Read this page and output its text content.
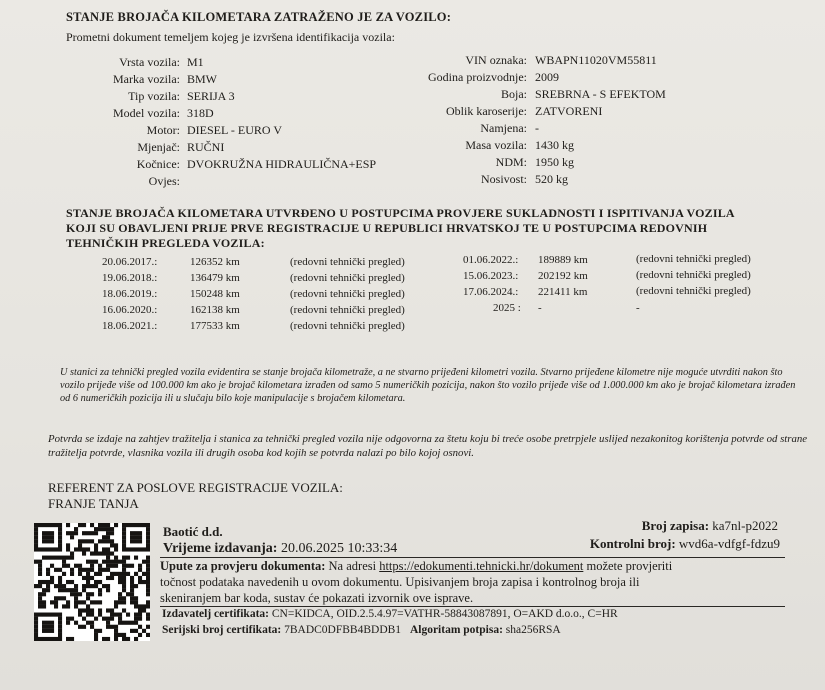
STANJE BROJAČA KILOMETARA ZATRAŽENO JE ZA VOZILO:
Prometni dokument temeljem kojeg je izvršena identifikacija vozila:
Vrsta vozila: M1
Marka vozila: BMW
Tip vozila: SERIJA 3
Model vozila: 318D
Motor: DIESEL - EURO V
Mjenjač: RUČNI
Kočnice: DVOKRUŽNA HIDRAULIČNA+ESP
Ovjes:
VIN oznaka: WBAPN11020VM55811
Godina proizvodnje: 2009
Boja: SREBRNA - S EFEKTOM
Oblik karoserije: ZATVORENI
Namjena: -
Masa vozila: 1430 kg
NDM: 1950 kg
Nosivost: 520 kg
STANJE BROJAČA KILOMETARA UTVRĐENO U POSTUPCIMA PROVJERE SUKLADNOSTI I ISPITIVANJA VOZILA
KOJI SU OBAVLJENI PRIJE PRVE REGISTRACIJE U REPUBLICI HRVATSKOJ TE U POSTUPCIMA REDOVNIH
TEHNIČKIH PREGLEDA VOZILA:
20.06.2017.:	126352 km	(redovni tehnički pregled)
19.06.2018.:	136479 km	(redovni tehnički pregled)
18.06.2019.:	150248 km	(redovni tehnički pregled)
16.06.2020.:	162138 km	(redovni tehnički pregled)
18.06.2021.:	177533 km	(redovni tehnički pregled)
01.06.2022.: 189889 km	(redovni tehnički pregled)
15.06.2023.: 202192 km	(redovni tehnički pregled)
17.06.2024.: 221411 km	(redovni tehnički pregled)
2025 : -	-
U stanici za tehnički pregled vozila evidentira se stanje brojača kilometraže, a ne stvarno prijeđeni kilometri vozila. Stvarno prijeđene kilometre nije moguće utvrditi nakon što vozilo prijeđe više od 100.000 km ako je brojač kilometara izrađen od samo 5 numeričkih pozicija, nakon što vozilo prijeđe više od 1.000.000 km ako je brojač kilometara izrađen od 6 numeričkih pozicija ili u slučaju bilo koje manipulacije s brojačem kilometara.
Potvrda se izdaje na zahtjev tražitelja i stanica za tehnički pregled vozila nije odgovorna za štetu koju bi treće osobe pretrpjele uslijed nezakonitog korištenja potvrde od strane tražitelja potvrde, vlasnika vozila ili drugih osoba kod kojih se potvrda nalazi po bilo kojoj osnovi.
REFERENT ZA POSLOVE REGISTRACIJE VOZILA:
FRANJE TANJA
Baotić d.d.	Broj zapisa: ka7nl-p2022
Vrijeme izdavanja: 20.06.2025 10:33:34	Kontrolni broj: wvd6a-vdfgf-fdzu9
Upute za provjeru dokumenta: Na adresi https://edokumenti.tehnicki.hr/dokument možete provjeriti
točnost podataka navedenih u ovom dokumentu. Upisivanjem broja zapisa i kontrolnog broja ili
skeniranjem bar koda, sustav će pokazati izvornik ove isprave.
Izdavatelj certifikata: CN=KIDCA, OID.2.5.4.97=VATHR-58843087891, O=AKD d.o.o., C=HR
Serijski broj certifikata: 7BADC0DFBB4BDDB1 Algoritam potpisa: sha256RSA
